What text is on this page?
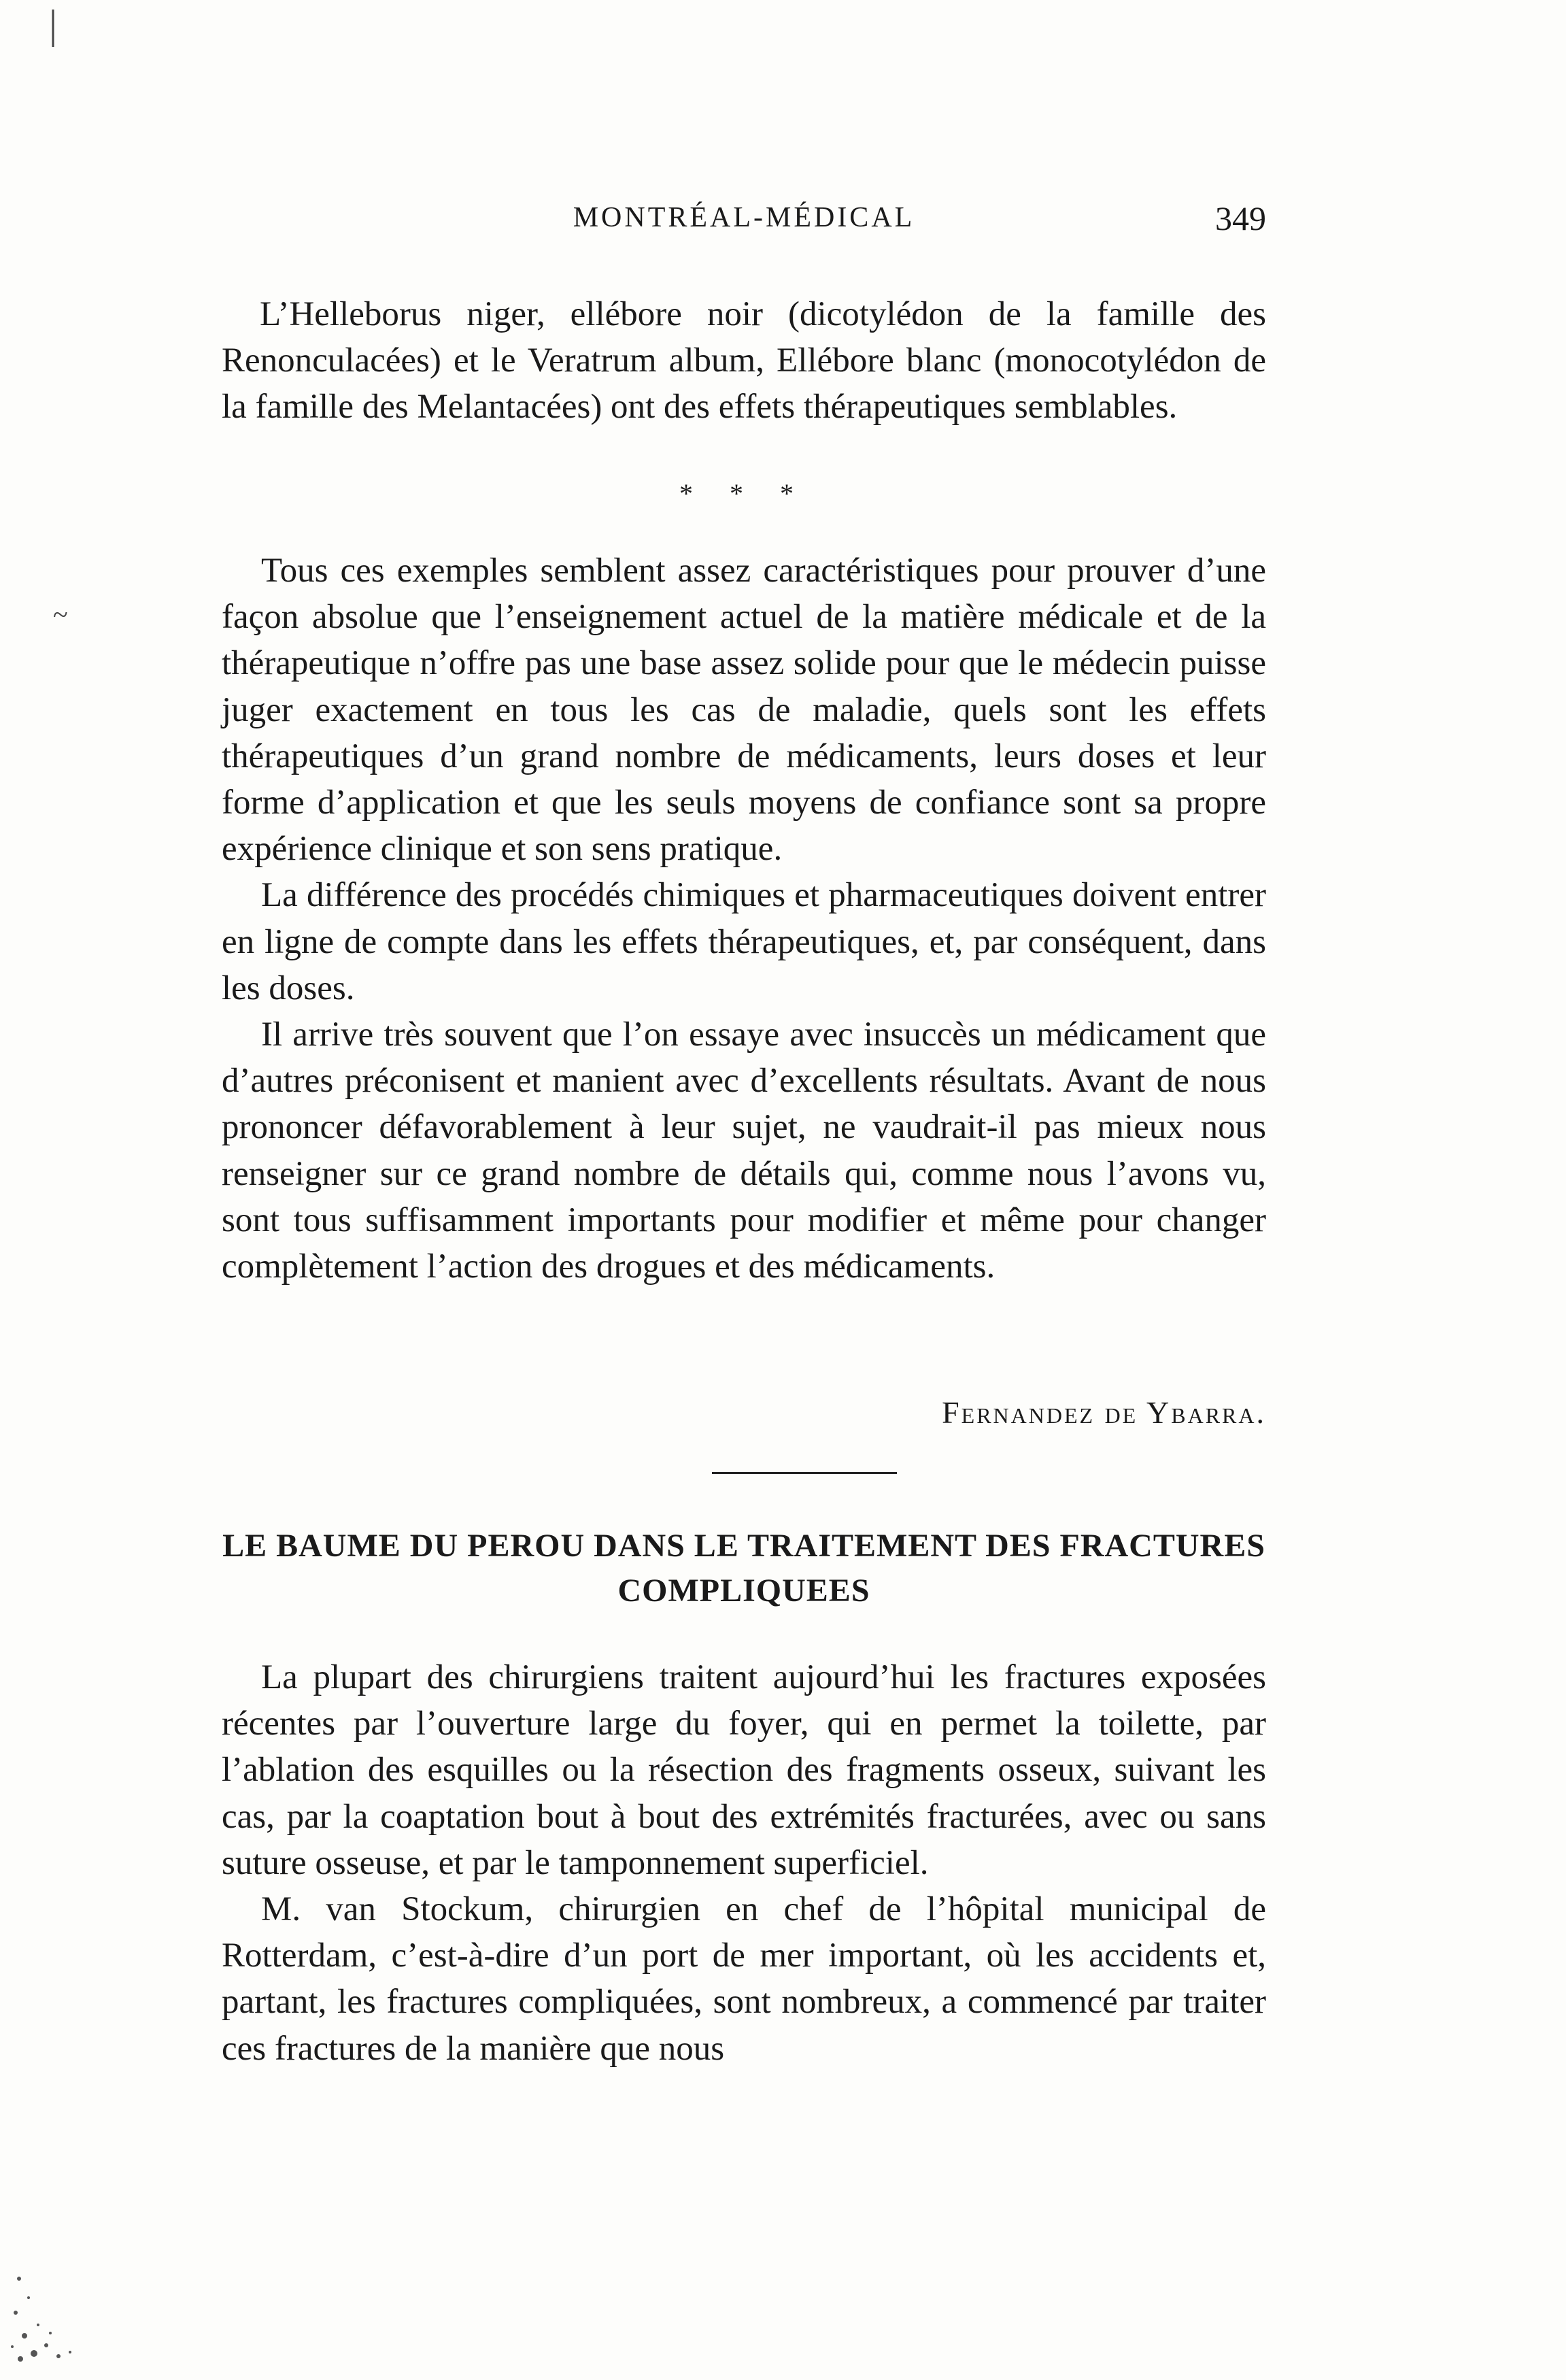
MONTRÉAL-MÉDICAL	349

L’Helleborus niger, ellébore noir (dicotylédon de la famille des Renonculacées) et le Veratrum album, Ellébore blanc (monocotylédon de la famille des Melantacées) ont des effets thérapeutiques semblables.

* * *

Tous ces exemples semblent assez caractéristiques pour prouver d’une façon absolue que l’enseignement actuel de la matière médicale et de la thérapeutique n’offre pas une base assez solide pour que le médecin puisse juger exactement en tous les cas de maladie, quels sont les effets thérapeutiques d’un grand nombre de médicaments, leurs doses et leur forme d’application et que les seuls moyens de confiance sont sa propre expérience clinique et son sens pratique.

La différence des procédés chimiques et pharmaceutiques doivent entrer en ligne de compte dans les effets thérapeutiques, et, par conséquent, dans les doses.

Il arrive très souvent que l’on essaye avec insuccès un médicament que d’autres préconisent et manient avec d’excellents résultats. Avant de nous prononcer défavorablement à leur sujet, ne vaudrait-il pas mieux nous renseigner sur ce grand nombre de détails qui, comme nous l’avons vu, sont tous suffisamment importants pour modifier et même pour changer complètement l’action des drogues et des médicaments.

Fernandez de Ybarra.
LE BAUME DU PEROU DANS LE TRAITEMENT DES FRACTURES COMPLIQUEES

La plupart des chirurgiens traitent aujourd’hui les fractures exposées récentes par l’ouverture large du foyer, qui en permet la toilette, par l’ablation des esquilles ou la résection des fragments osseux, suivant les cas, par la coaptation bout à bout des extrémités fracturées, avec ou sans suture osseuse, et par le tamponnement superficiel.

M. van Stockum, chirurgien en chef de l’hôpital municipal de Rotterdam, c’est-à-dire d’un port de mer important, où les accidents et, partant, les fractures compliquées, sont nombreux, a commencé par traiter ces fractures de la manière que nous

|
~
